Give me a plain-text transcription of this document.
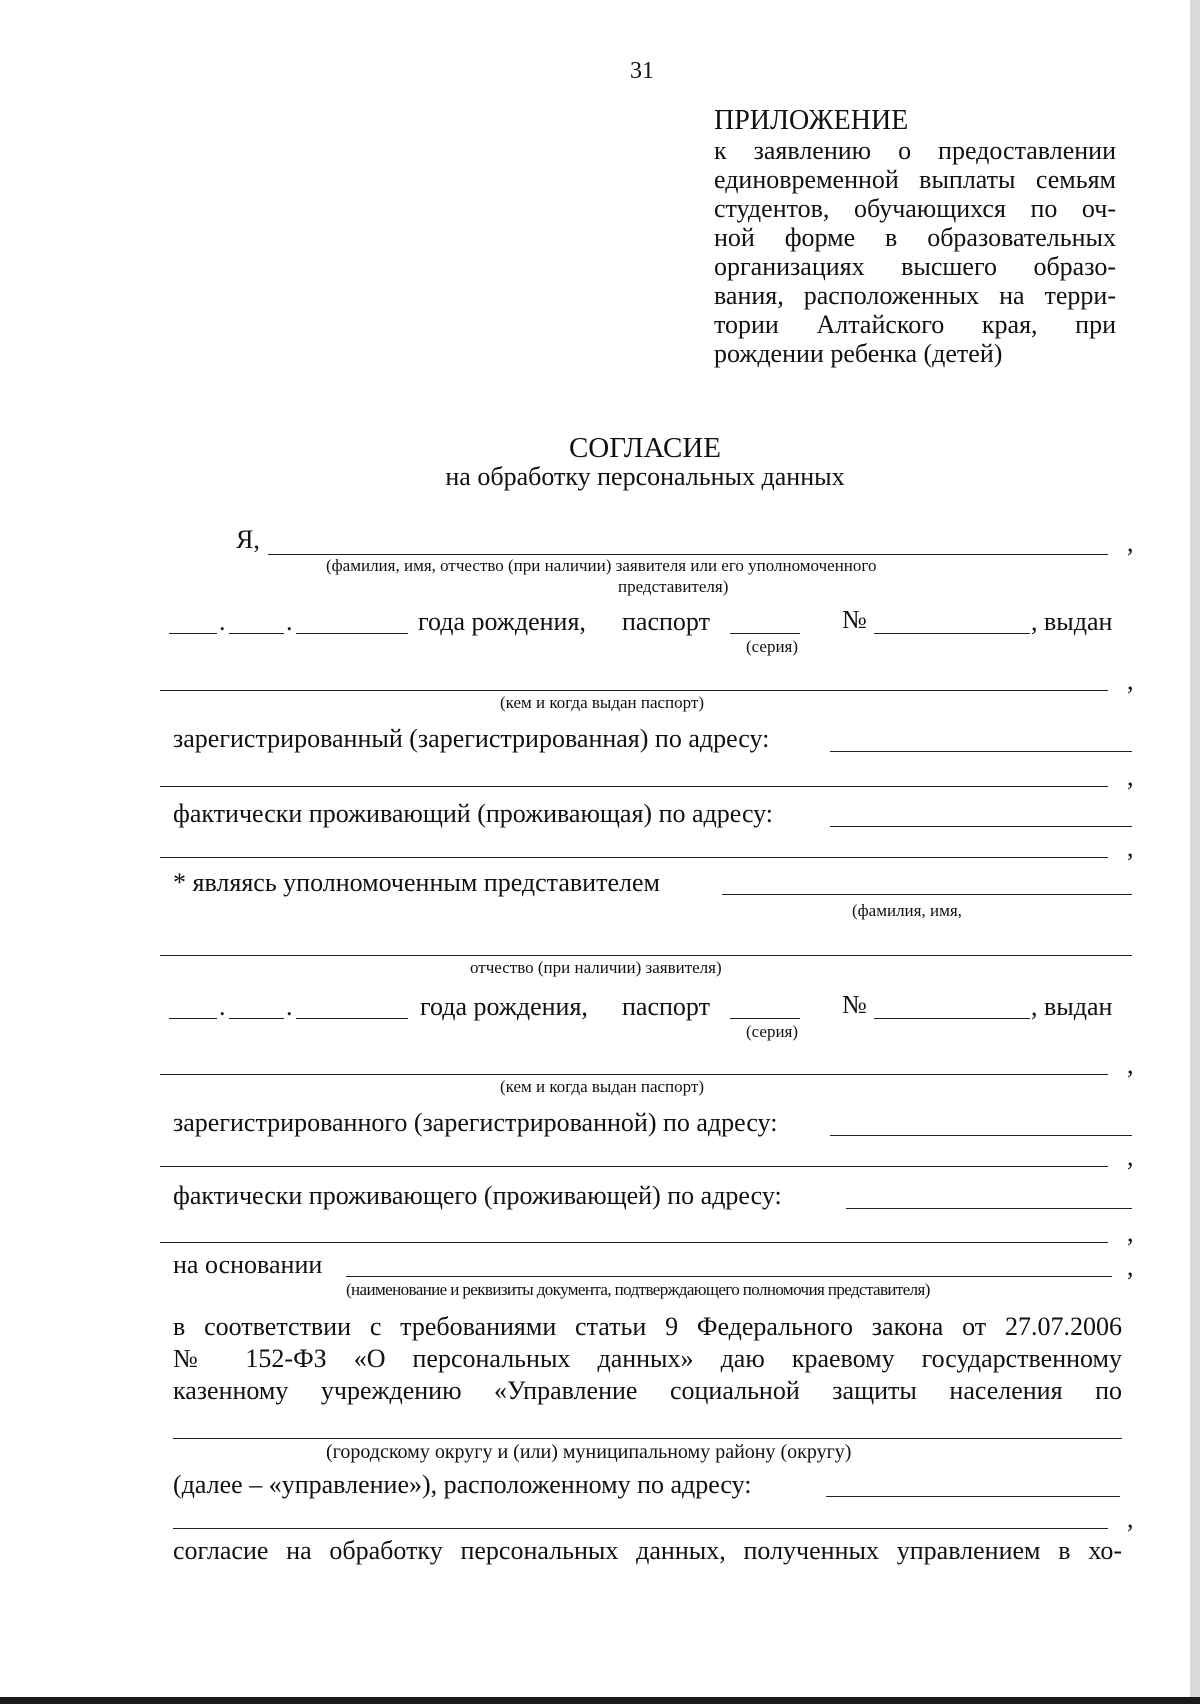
31
ПРИЛОЖЕНИЕ
к заявлению о предоставлении
единовременной выплаты семьям
студентов, обучающихся по оч-
ной форме в образовательных
организациях высшего образо-
вания, расположенных на терри-
тории Алтайского края, при
рождении ребенка (детей)
СОГЛАСИЕ
на обработку персональных данных
Я,	,
(фамилия, имя, отчество (при наличии) заявителя или его уполномоченного
представителя)
. .	года рождения, паспорт	№	, выдан
(серия)
,
(кем и когда выдан паспорт)
зарегистрированный (зарегистрированная) по адресу:
,
фактически проживающий (проживающая) по адресу:
,
* являясь уполномоченным представителем
(фамилия, имя,
отчество (при наличии) заявителя)
. .	года рождения, паспорт	№	, выдан
(серия)
,
(кем и когда выдан паспорт)
зарегистрированного (зарегистрированной) по адресу:
,
фактически проживающего (проживающей) по адресу:
,
на основании	,
(наименование и реквизиты документа, подтверждающего полномочия представителя)
в соответствии с требованиями статьи 9 Федерального закона от 27.07.2006
№ 152-ФЗ «О персональных данных» даю краевому государственному
казенному учреждению «Управление социальной защиты населения по
(городскому округу и (или) муниципальному району (округу)
(далее – «управление»), расположенному по адресу:
,
согласие на обработку персональных данных, полученных управлением в хо-
